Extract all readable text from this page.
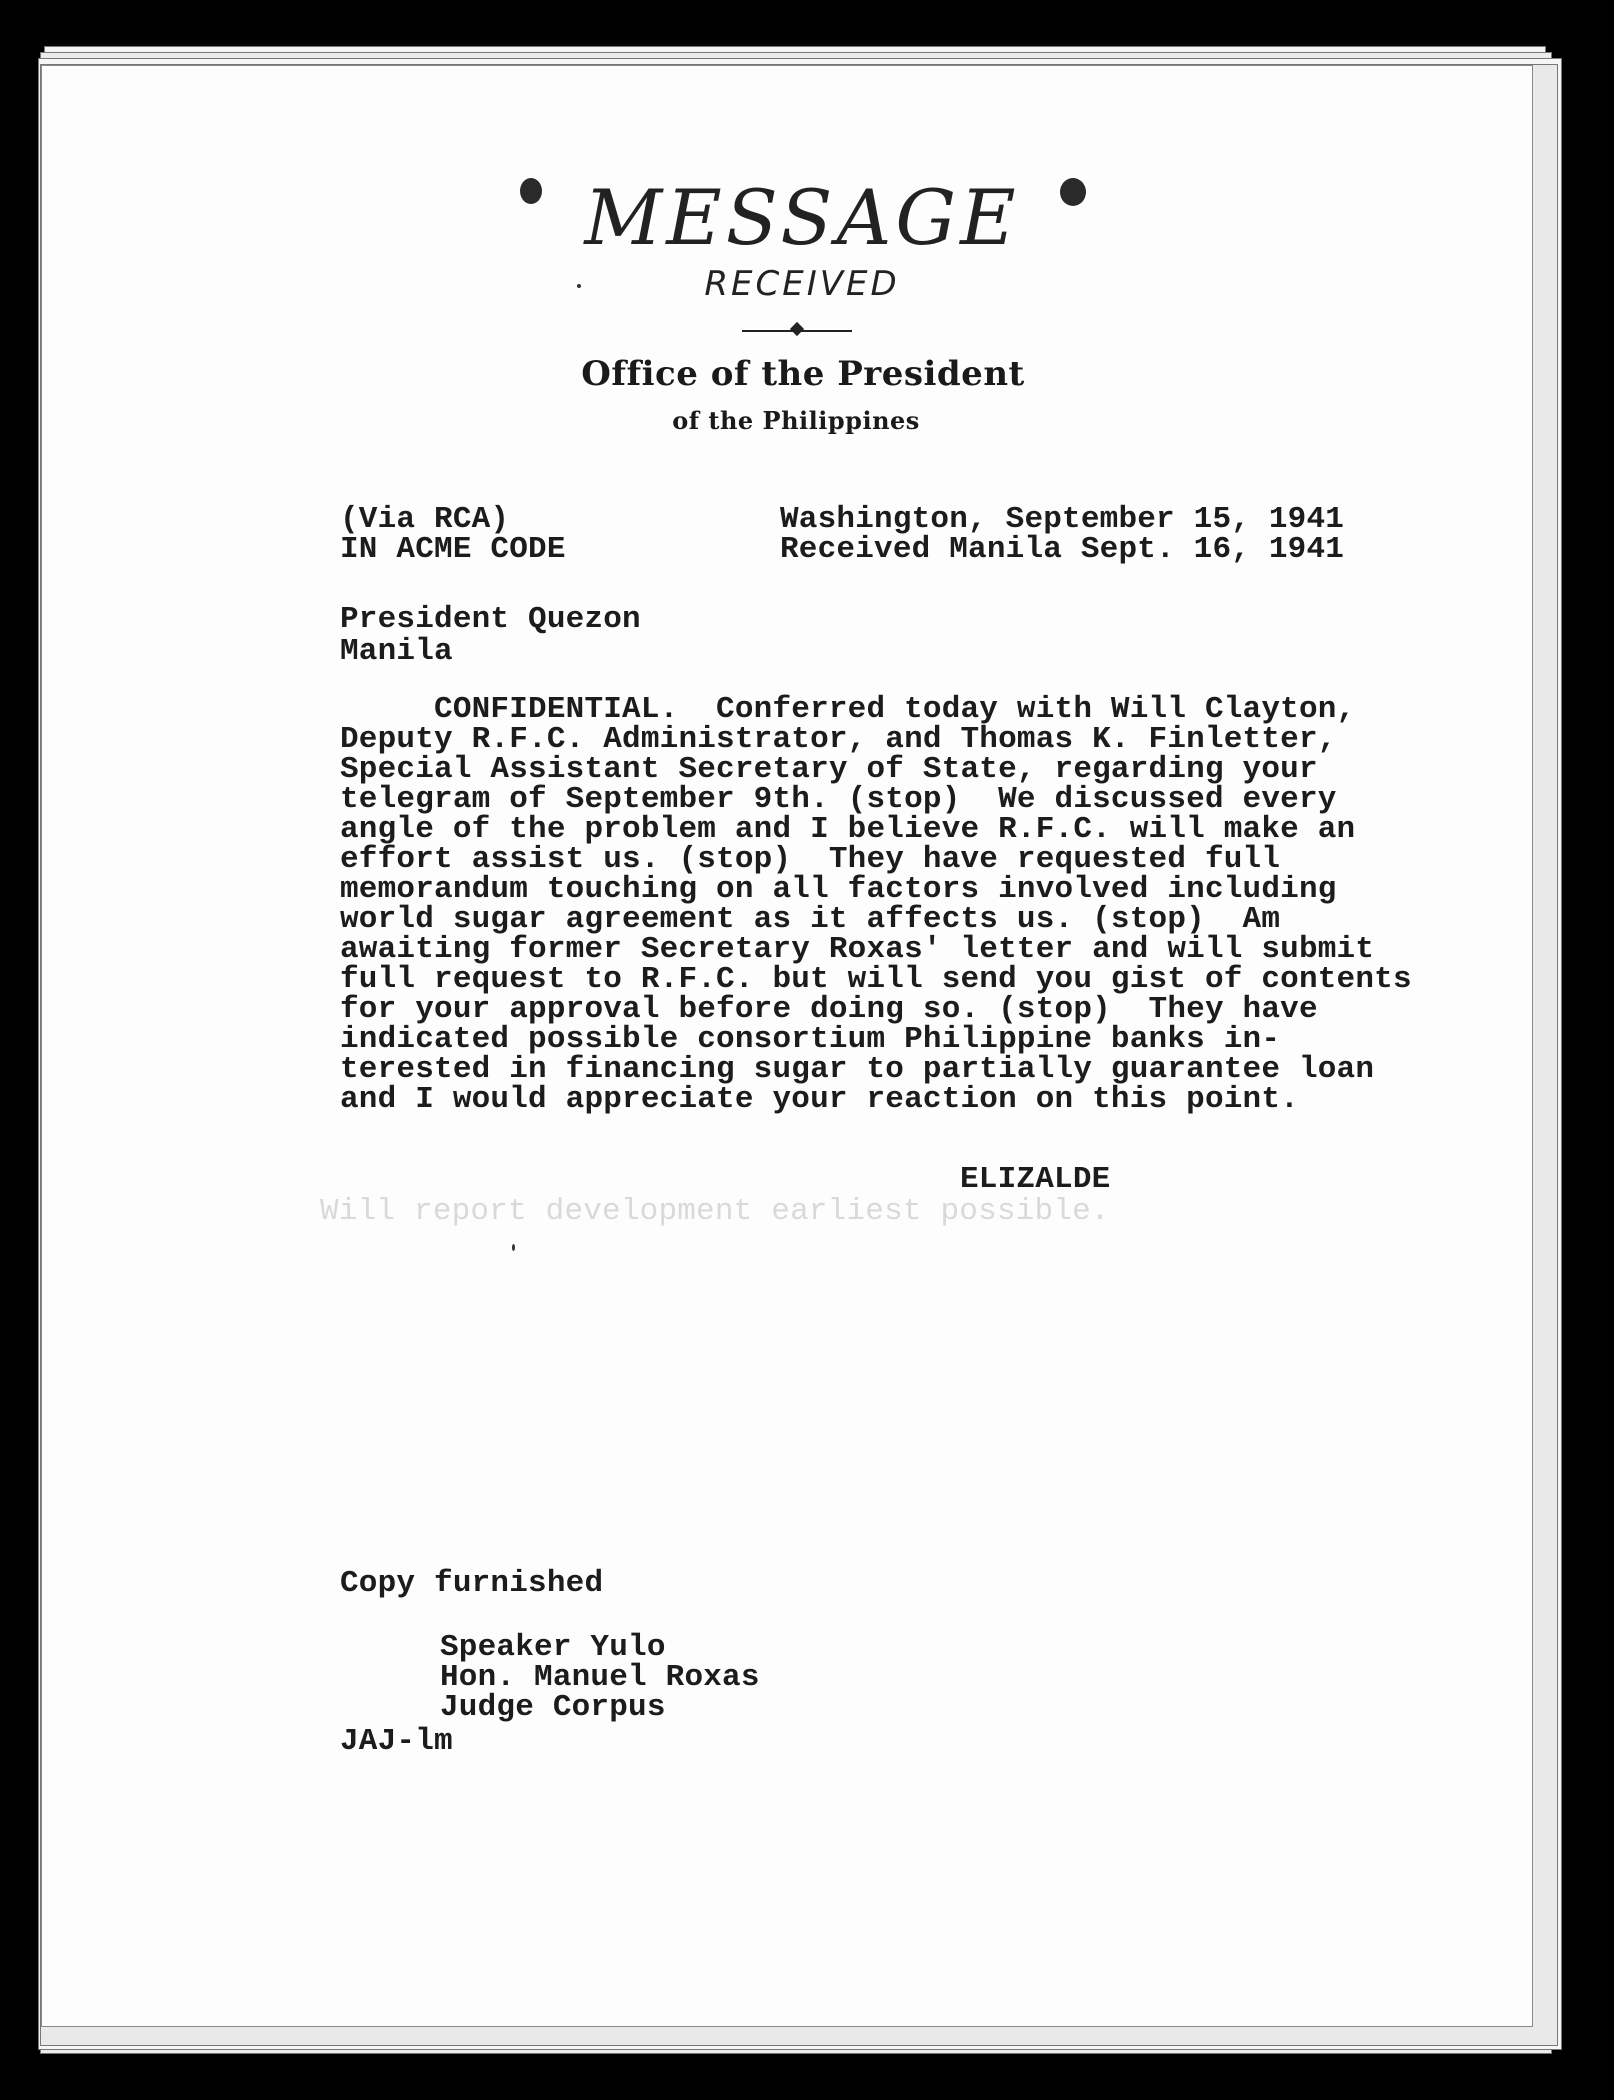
MESSAGE
RECEIVED
Office of the President
of the Philippines
(Via RCA)
IN ACME CODE
Washington, September 15, 1941
Received Manila Sept. 16, 1941
President Quezon
Manila
CONFIDENTIAL.  Conferred today with Will Clayton,
Deputy R.F.C. Administrator, and Thomas K. Finletter,
Special Assistant Secretary of State, regarding your
telegram of September 9th. (stop)  We discussed every
angle of the problem and I believe R.F.C. will make an
effort assist us. (stop)  They have requested full
memorandum touching on all factors involved including
world sugar agreement as it affects us. (stop)  Am
awaiting former Secretary Roxas' letter and will submit
full request to R.F.C. but will send you gist of contents
for your approval before doing so. (stop)  They have
indicated possible consortium Philippine banks in-
terested in financing sugar to partially guarantee loan
and I would appreciate your reaction on this point.
ELIZALDE
Will report development earliest possible.
Copy furnished
Speaker Yulo
Hon. Manuel Roxas
Judge Corpus
JAJ-lm
